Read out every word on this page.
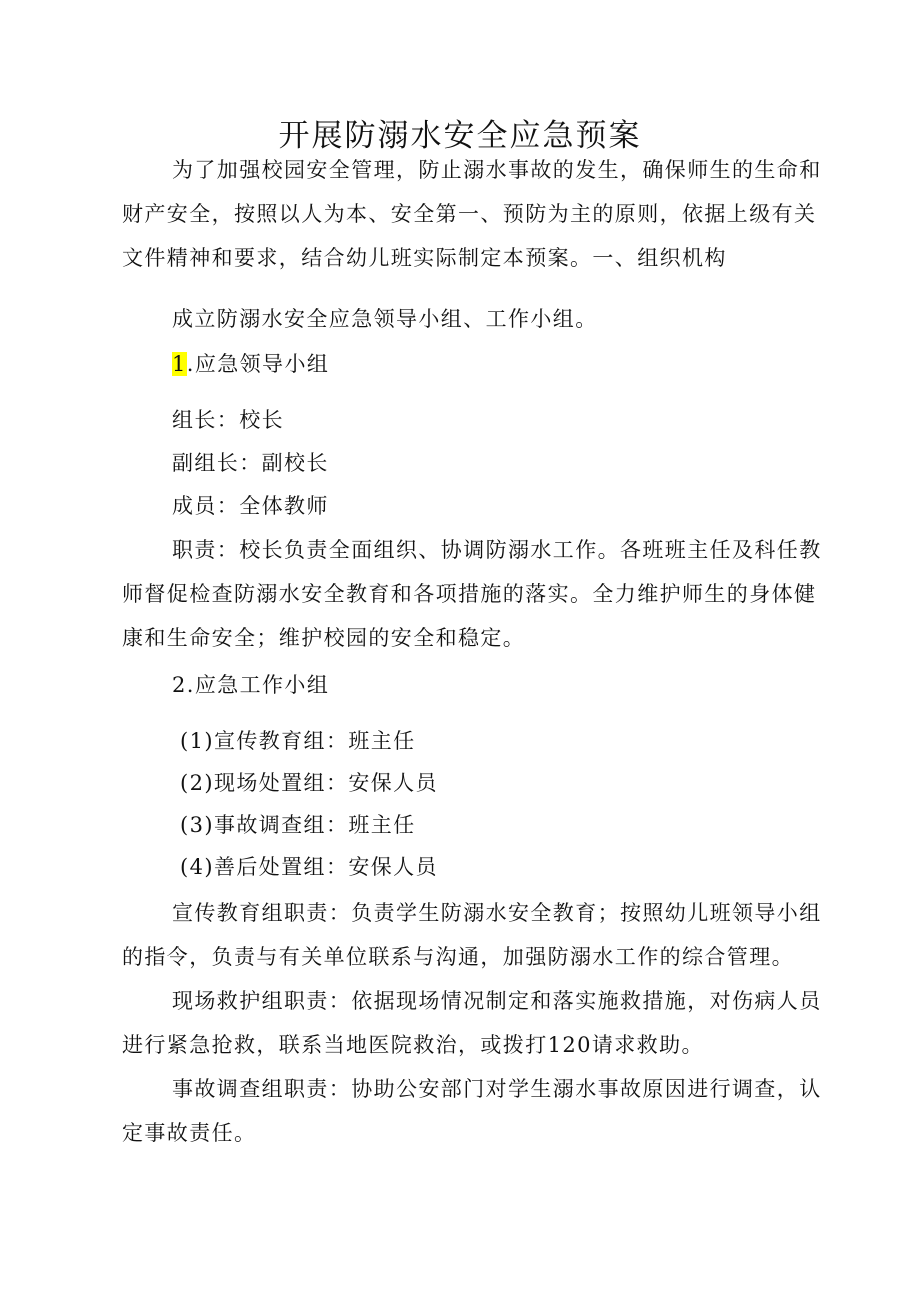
开展防溺水安全应急预案

为了加强校园安全管理，防止溺水事故的发生，确保师生的生命和财产安全，按照以人为本、安全第一、预防为主的原则，依据上级有关文件精神和要求，结合幼儿班实际制定本预案。一、组织机构

成立防溺水安全应急领导小组、工作小组。

1.应急领导小组

组长：校长

副组长：副校长

成员：全体教师

职责：校长负责全面组织、协调防溺水工作。各班班主任及科任教师督促检查防溺水安全教育和各项措施的落实。全力维护师生的身体健康和生命安全；维护校园的安全和稳定。

2.应急工作小组

(1)宣传教育组：班主任

(2)现场处置组：安保人员

(3)事故调查组：班主任

(4)善后处置组：安保人员

宣传教育组职责：负责学生防溺水安全教育；按照幼儿班领导小组的指令，负责与有关单位联系与沟通，加强防溺水工作的综合管理。

现场救护组职责：依据现场情况制定和落实施救措施，对伤病人员进行紧急抢救，联系当地医院救治，或拨打120请求救助。

事故调查组职责：协助公安部门对学生溺水事故原因进行调查，认定事故责任。
